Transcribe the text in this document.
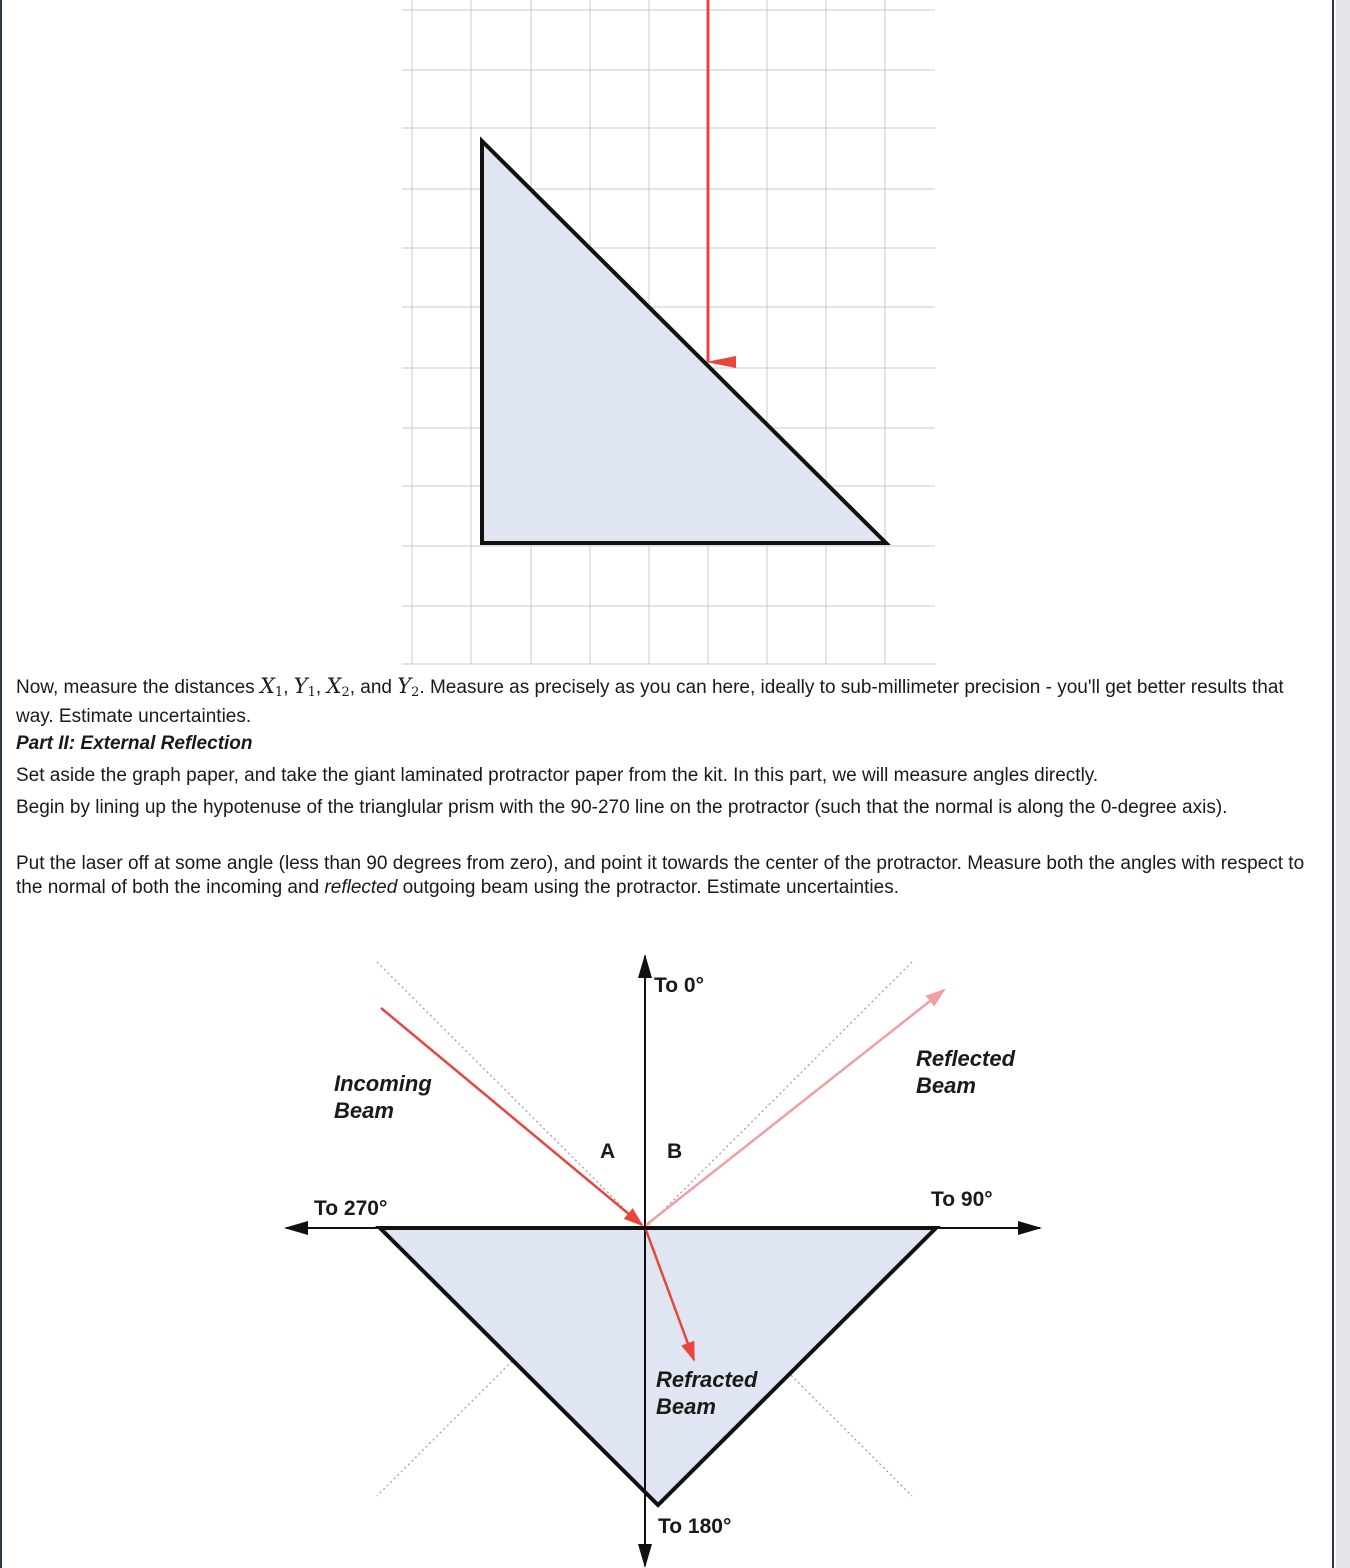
Now, measure the distances $X_1$, $Y_1$, $X_2$, and $Y_2$. Measure as precisely as you can here, ideally to sub-millimeter precision - you'll get better results that way. Estimate uncertainties.

Part II: External Reflection

Set aside the graph paper, and take the giant laminated protractor paper from the kit. In this part, we will measure angles directly.

Begin by lining up the hypotenuse of the trianglular prism with the 90-270 line on the protractor (such that the normal is along the 0-degree axis).

Put the laser off at some angle (less than 90 degrees from zero), and point it towards the center of the protractor. Measure both the angles with respect to the normal of both the incoming and reflected outgoing beam using the protractor. Estimate uncertainties.

To 0°
To 90°
To 180°
To 270°
Incoming
Beam
Reflected
Beam
Refracted
Beam
A B
